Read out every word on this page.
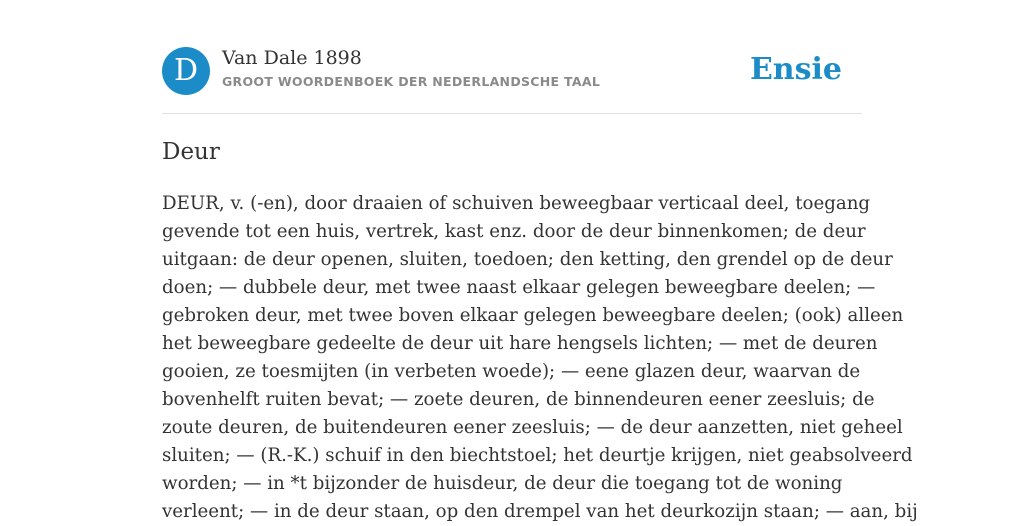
D	Van Dale 1898
GROOT WOORDENBOEK DER NEDERLANDSCHE TAAL	Ensie
Deur
DEUR, v. (-en), door draaien of schuiven beweegbaar verticaal deel, toegang
gevende tot een huis, vertrek, kast enz. door de deur binnenkomen; de deur
uitgaan: de deur openen, sluiten, toedoen; den ketting, den grendel op de deur
doen; — dubbele deur, met twee naast elkaar gelegen beweegbare deelen; —
gebroken deur, met twee boven elkaar gelegen beweegbare deelen; (ook) alleen
het beweegbare gedeelte de deur uit hare hengsels lichten; — met de deuren
gooien, ze toesmijten (in verbeten woede); — eene glazen deur, waarvan de
bovenhelft ruiten bevat; — zoete deuren, de binnendeuren eener zeesluis; de
zoute deuren, de buitendeuren eener zeesluis; — de deur aanzetten, niet geheel
sluiten; — (R.-K.) schuif in den biechtstoel; het deurtje krijgen, niet geabsolveerd
worden; — in *t bijzonder de huisdeur, de deur die toegang tot de woning
verleent; — in de deur staan, op den drempel van het deurkozijn staan; — aan, bij
